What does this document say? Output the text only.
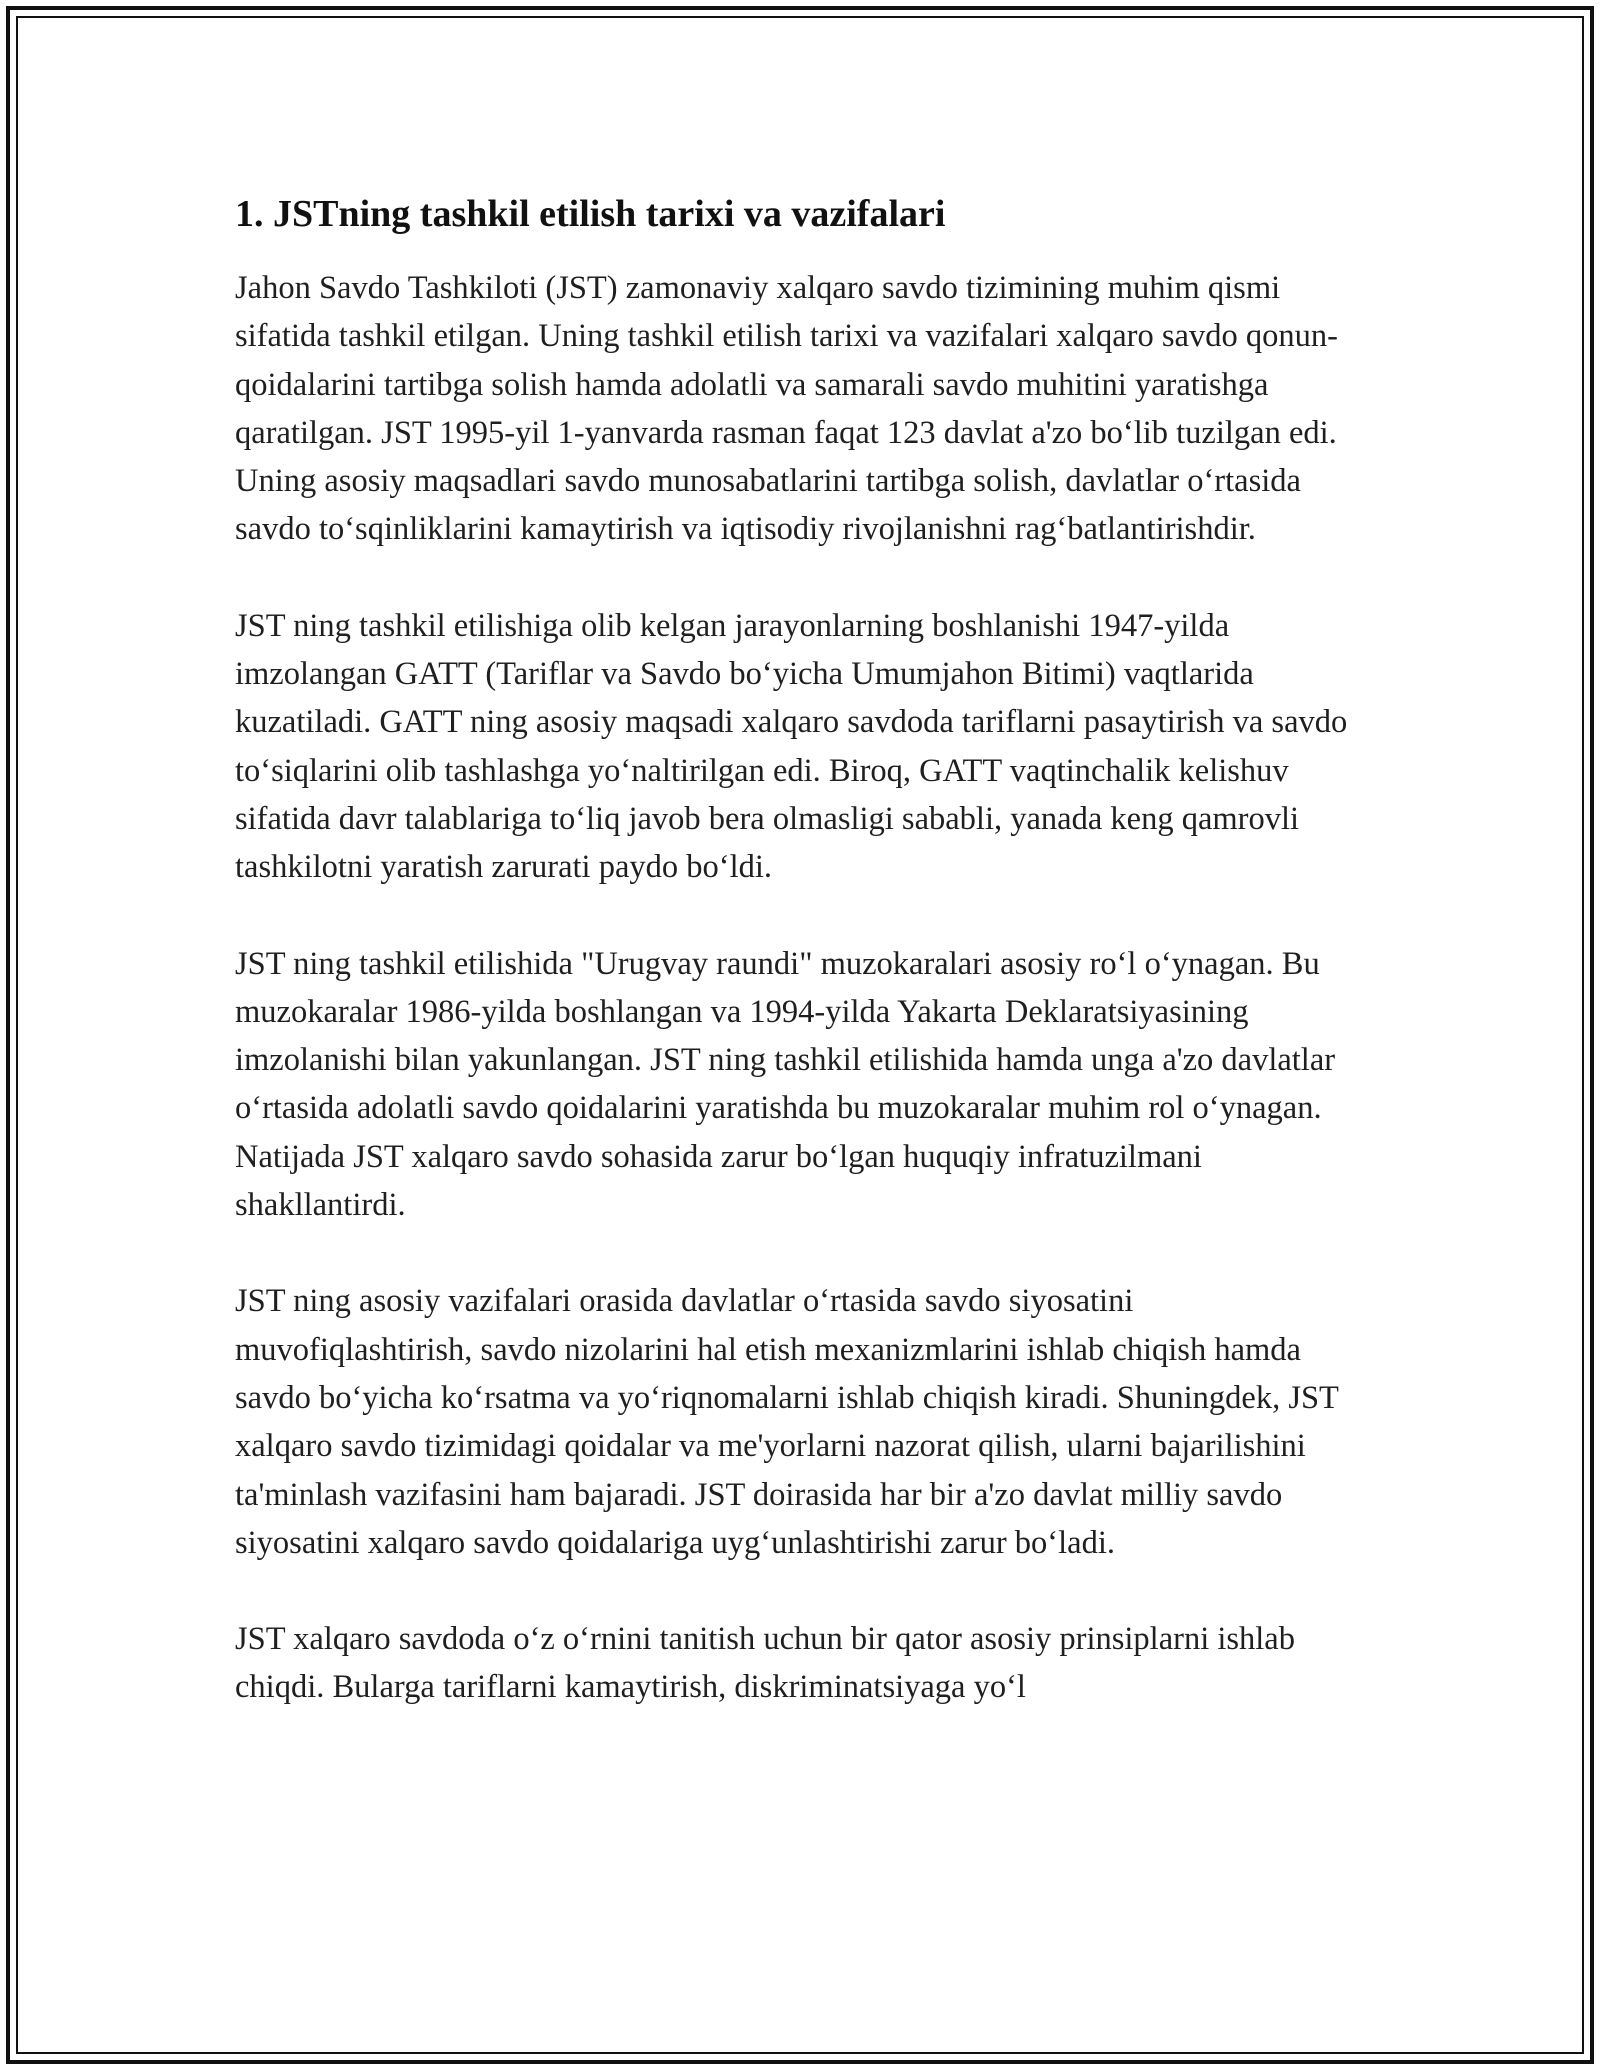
1. JSTning tashkil etilish tarixi va vazifalari

Jahon Savdo Tashkiloti (JST) zamonaviy xalqaro savdo tizimining muhim qismi sifatida tashkil etilgan. Uning tashkil etilish tarixi va vazifalari xalqaro savdo qonun-qoidalarini tartibga solish hamda adolatli va samarali savdo muhitini yaratishga qaratilgan. JST 1995-yil 1-yanvarda rasman faqat 123 davlat a'zo bo‘lib tuzilgan edi. Uning asosiy maqsadlari savdo munosabatlarini tartibga solish, davlatlar o‘rtasida savdo to‘sqinliklarini kamaytirish va iqtisodiy rivojlanishni rag‘batlantirishdir.

JST ning tashkil etilishiga olib kelgan jarayonlarning boshlanishi 1947-yilda imzolangan GATT (Tariflar va Savdo bo‘yicha Umumjahon Bitimi) vaqtlarida kuzatiladi. GATT ning asosiy maqsadi xalqaro savdoda tariflarni pasaytirish va savdo to‘siqlarini olib tashlashga yo‘naltirilgan edi. Biroq, GATT vaqtinchalik kelishuv sifatida davr talablariga to‘liq javob bera olmasligi sababli, yanada keng qamrovli tashkilotni yaratish zarurati paydo bo‘ldi.

JST ning tashkil etilishida "Urugvay raundi" muzokaralari asosiy ro‘l o‘ynagan. Bu muzokaralar 1986-yilda boshlangan va 1994-yilda Yakarta Deklaratsiyasining imzolanishi bilan yakunlangan. JST ning tashkil etilishida hamda unga a'zo davlatlar o‘rtasida adolatli savdo qoidalarini yaratishda bu muzokaralar muhim rol o‘ynagan. Natijada JST xalqaro savdo sohasida zarur bo‘lgan huquqiy infratuzilmani shakllantirdi.

JST ning asosiy vazifalari orasida davlatlar o‘rtasida savdo siyosatini muvofiqlashtirish, savdo nizolarini hal etish mexanizmlarini ishlab chiqish hamda savdo bo‘yicha ko‘rsatma va yo‘riqnomalarni ishlab chiqish kiradi. Shuningdek, JST xalqaro savdo tizimidagi qoidalar va me'yorlarni nazorat qilish, ularni bajarilishini ta'minlash vazifasini ham bajaradi. JST doirasida har bir a'zo davlat milliy savdo siyosatini xalqaro savdo qoidalariga uyg‘unlashtirishi zarur bo‘ladi.

JST xalqaro savdoda o‘z o‘rnini tanitish uchun bir qator asosiy prinsiplarni ishlab chiqdi. Bularga tariflarni kamaytirish, diskriminatsiyaga yo‘l
